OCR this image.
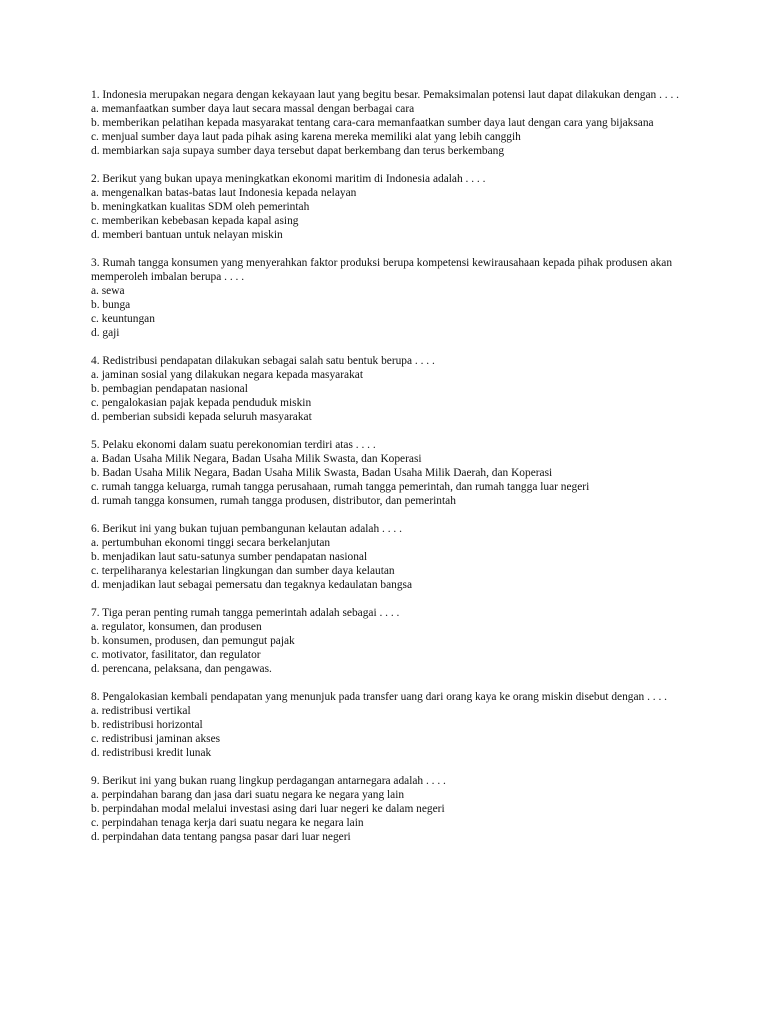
1. Indonesia merupakan negara dengan kekayaan laut yang begitu besar. Pemaksimalan potensi laut dapat dilakukan dengan . . . .
a. memanfaatkan sumber daya laut secara massal dengan berbagai cara
b. memberikan pelatihan kepada masyarakat tentang cara-cara memanfaatkan sumber daya laut dengan cara yang bijaksana
c. menjual sumber daya laut pada pihak asing karena mereka memiliki alat yang lebih canggih
d. membiarkan saja supaya sumber daya tersebut dapat berkembang dan terus berkembang
2. Berikut yang bukan upaya meningkatkan ekonomi maritim di Indonesia adalah . . . .
a. mengenalkan batas-batas laut Indonesia kepada nelayan
b. meningkatkan kualitas SDM oleh pemerintah
c. memberikan kebebasan kepada kapal asing
d. memberi bantuan untuk nelayan miskin
3. Rumah tangga konsumen yang menyerahkan faktor produksi berupa kompetensi kewirausahaan kepada pihak produsen akan memperoleh imbalan berupa . . . .
a. sewa
b. bunga
c. keuntungan
d. gaji
4. Redistribusi pendapatan dilakukan sebagai salah satu bentuk berupa . . . .
a. jaminan sosial yang dilakukan negara kepada masyarakat
b. pembagian pendapatan nasional
c. pengalokasian pajak kepada penduduk miskin
d. pemberian subsidi kepada seluruh masyarakat
5. Pelaku ekonomi dalam suatu perekonomian terdiri atas . . . .
a. Badan Usaha Milik Negara, Badan Usaha Milik Swasta, dan Koperasi
b. Badan Usaha Milik Negara, Badan Usaha Milik Swasta, Badan Usaha Milik Daerah, dan Koperasi
c. rumah tangga keluarga, rumah tangga perusahaan, rumah tangga pemerintah, dan rumah tangga luar negeri
d. rumah tangga konsumen, rumah tangga produsen, distributor, dan pemerintah
6. Berikut ini yang bukan tujuan pembangunan kelautan adalah . . . .
a. pertumbuhan ekonomi tinggi secara berkelanjutan
b. menjadikan laut satu-satunya sumber pendapatan nasional
c. terpeliharanya kelestarian lingkungan dan sumber daya kelautan
d. menjadikan laut sebagai pemersatu dan tegaknya kedaulatan bangsa
7. Tiga peran penting rumah tangga pemerintah adalah sebagai . . . .
a. regulator, konsumen, dan produsen
b. konsumen, produsen, dan pemungut pajak
c. motivator, fasilitator, dan regulator
d. perencana, pelaksana, dan pengawas.
8. Pengalokasian kembali pendapatan yang menunjuk pada transfer uang dari orang kaya ke orang miskin disebut dengan . . . .
a. redistribusi vertikal
b. redistribusi horizontal
c. redistribusi jaminan akses
d. redistribusi kredit lunak
9. Berikut ini yang bukan ruang lingkup perdagangan antarnegara adalah . . . .
a. perpindahan barang dan jasa dari suatu negara ke negara yang lain
b. perpindahan modal melalui investasi asing dari luar negeri ke dalam negeri
c. perpindahan tenaga kerja dari suatu negara ke negara lain
d. perpindahan data tentang pangsa pasar dari luar negeri
